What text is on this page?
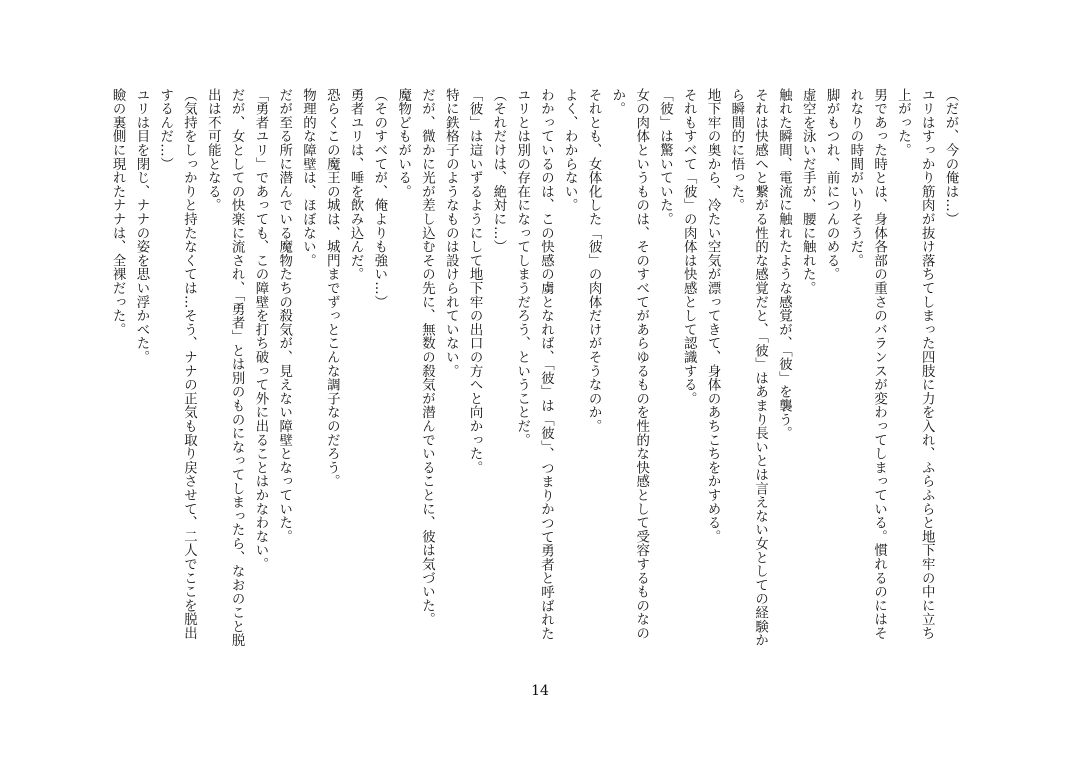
（だが、今の俺は…）
ユリはすっかり筋肉が抜け落ちてしまった四肢に力を入れ、ふらふらと地下牢の中に立ち
上がった。
男であった時とは、身体各部の重さのバランスが変わってしまっている。慣れるのにはそ
れなりの時間がいりそうだ。
脚がもつれ、前につんのめる。
虚空を泳いだ手が、腰に触れた。
触れた瞬間、電流に触れたような感覚が、「彼」を襲う。
それは快感へと繋がる性的な感覚だと、「彼」はあまり長いとは言えない女としての経験か
ら瞬間的に悟った。
地下牢の奥から、冷たい空気が漂ってきて、身体のあちこちをかすめる。
それもすべて「彼」の肉体は快感として認識する。
「彼」は驚いていた。
女の肉体というものは、そのすべてがあらゆるものを性的な快感として受容するものなの
か。
それとも、女体化した「彼」の肉体だけがそうなのか。
よく、わからない。
わかっているのは、この快感の虜となれば、「彼」は「彼」、つまりかつて勇者と呼ばれた
ユリとは別の存在になってしまうだろう、ということだ。
（それだけは、絶対に…）
「彼」は這いずるようにして地下牢の出口の方へと向かった。
特に鉄格子のようなものは設けられていない。
だが、微かに光が差し込むその先に、無数の殺気が潜んでいることに、彼は気づいた。
魔物どもがいる。
（そのすべてが、俺よりも強い…）
勇者ユリは、唾を飲み込んだ。
恐らくこの魔王の城は、城門までずっとこんな調子なのだろう。
物理的な障壁は、ほぼない。
だが至る所に潜んでいる魔物たちの殺気が、見えない障壁となっていた。
「勇者ユリ」であっても、この障壁を打ち破って外に出ることはかなわない。
だが、女としての快楽に流され、「勇者」とは別のものになってしまったら、なおのこと脱
出は不可能となる。
（気持をしっかりと持たなくては…そう、ナナの正気も取り戻させて、二人でここを脱出
するんだ…）
ユリは目を閉じ、ナナの姿を思い浮かべた。
瞼の裏側に現れたナナは、全裸だった。
14
